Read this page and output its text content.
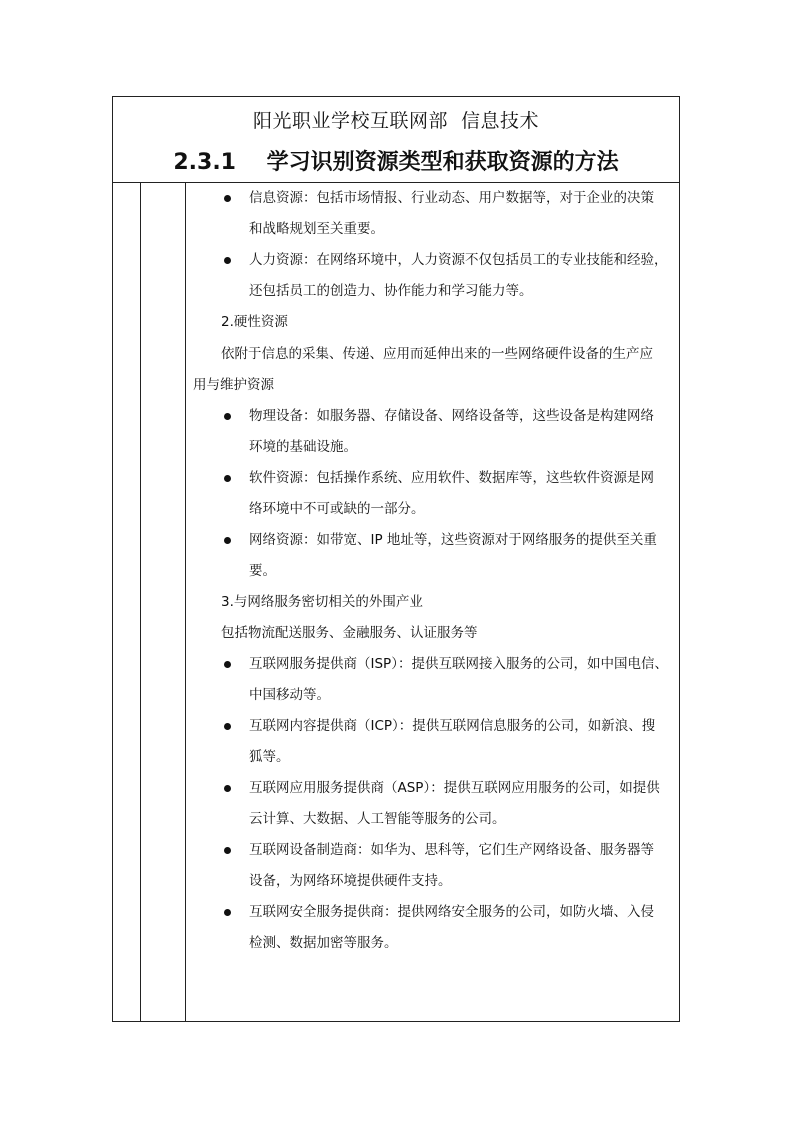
阳光职业学校互联网部  信息技术
2.3.1 学习识别资源类型和获取资源的方法
信息资源：包括市场情报、行业动态、用户数据等，对于企业的决策
和战略规划至关重要。
人力资源：在网络环境中，人力资源不仅包括员工的专业技能和经验，
还包括员工的创造力、协作能力和学习能力等。
2.硬性资源
依附于信息的采集、传递、应用而延伸出来的一些网络硬件设备的生产应
用与维护资源
物理设备：如服务器、存储设备、网络设备等，这些设备是构建网络
环境的基础设施。
软件资源：包括操作系统、应用软件、数据库等，这些软件资源是网
络环境中不可或缺的一部分。
网络资源：如带宽、IP 地址等，这些资源对于网络服务的提供至关重
要。
3.与网络服务密切相关的外围产业
包括物流配送服务、金融服务、认证服务等
互联网服务提供商（ISP）：提供互联网接入服务的公司，如中国电信、
中国移动等。
互联网内容提供商（ICP）：提供互联网信息服务的公司，如新浪、搜
狐等。
互联网应用服务提供商（ASP）：提供互联网应用服务的公司，如提供
云计算、大数据、人工智能等服务的公司。
互联网设备制造商：如华为、思科等，它们生产网络设备、服务器等
设备，为网络环境提供硬件支持。
互联网安全服务提供商：提供网络安全服务的公司，如防火墙、入侵
检测、数据加密等服务。
